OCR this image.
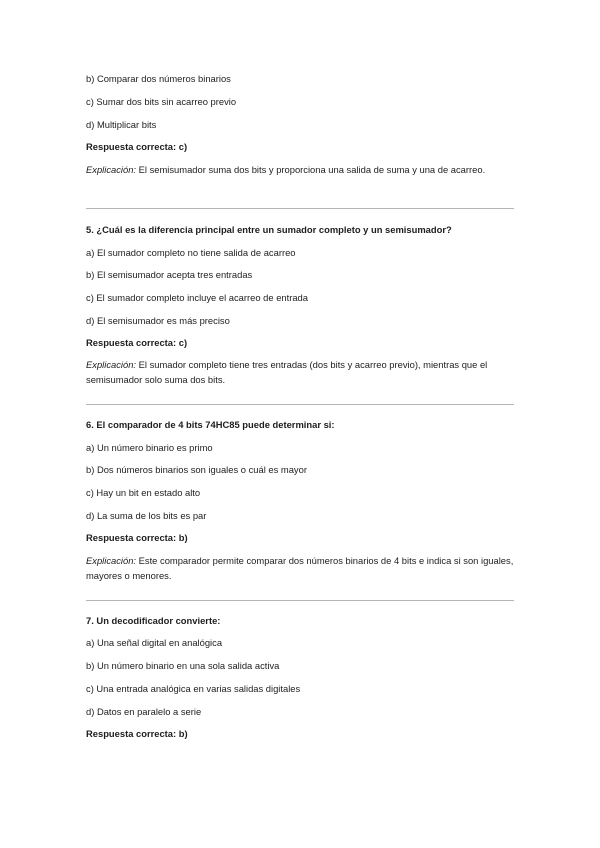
b) Comparar dos números binarios
c) Sumar dos bits sin acarreo previo
d) Multiplicar bits
Respuesta correcta: c)
Explicación: El semisumador suma dos bits y proporciona una salida de suma y una de acarreo.
5. ¿Cuál es la diferencia principal entre un sumador completo y un semisumador?
a) El sumador completo no tiene salida de acarreo
b) El semisumador acepta tres entradas
c) El sumador completo incluye el acarreo de entrada
d) El semisumador es más preciso
Respuesta correcta: c)
Explicación: El sumador completo tiene tres entradas (dos bits y acarreo previo), mientras que el semisumador solo suma dos bits.
6. El comparador de 4 bits 74HC85 puede determinar si:
a) Un número binario es primo
b) Dos números binarios son iguales o cuál es mayor
c) Hay un bit en estado alto
d) La suma de los bits es par
Respuesta correcta: b)
Explicación: Este comparador permite comparar dos números binarios de 4 bits e indica si son iguales, mayores o menores.
7. Un decodificador convierte:
a) Una señal digital en analógica
b) Un número binario en una sola salida activa
c) Una entrada analógica en varias salidas digitales
d) Datos en paralelo a serie
Respuesta correcta: b)
